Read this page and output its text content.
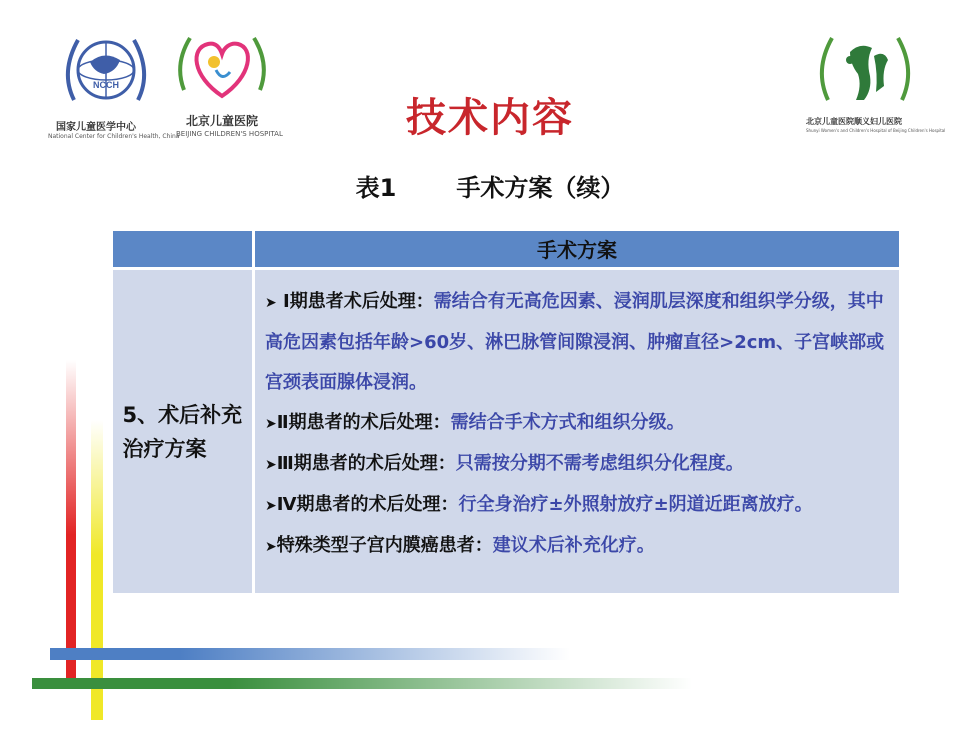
NCCH
国家儿童医学中心
National Center for Children's Health, China
北京儿童医院
BEIJING CHILDREN'S HOSPITAL
北京儿童医院顺义妇儿医院
Shunyi Women's and Children's Hospital of Beijing Children's Hospital
技术内容
表1	手术方案（续）
手术方案
5、术后补充治疗方案
➤ Ⅰ期患者术后处理：需结合有无高危因素、浸润肌层深度和组织学分级，其中高危因素包括年龄>60岁、淋巴脉管间隙浸润、肿瘤直径>2cm、子宫峡部或宫颈表面腺体浸润。
➤Ⅱ期患者的术后处理：需结合手术方式和组织分级。
➤Ⅲ期患者的术后处理：只需按分期不需考虑组织分化程度。
➤Ⅳ期患者的术后处理：行全身治疗±外照射放疗±阴道近距离放疗。
➤特殊类型子宫内膜癌患者：建议术后补充化疗。
